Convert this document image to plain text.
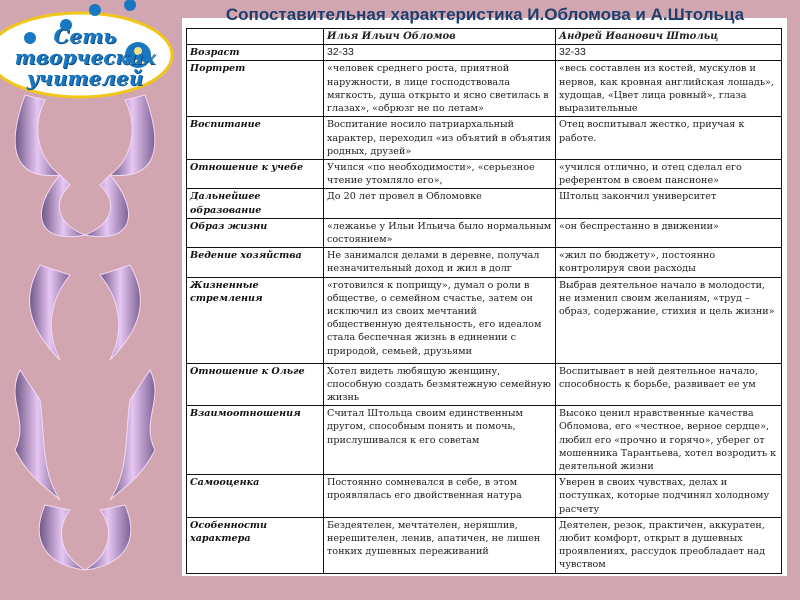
Сеть
творческих
учителей
Сопоставительная характеристика И.Обломова и А.Штольца
	Илья Ильич Обломов	Андрей Иванович Штольц
Возраст	32-33	32-33
Портрет	«человек среднего роста, приятной наружности, в лице господствовала мягкость, душа открыто и ясно светилась в глазах», «обрюзг не по летам»	«весь составлен из костей, мускулов и нервов, как кровная английская лошадь», худощав, «Цвет лица ровный», глаза выразительные
Воспитание	Воспитание носило патриархальный характер, переходил «из объятий в объятия родных, друзей»	Отец воспитывал жестко, приучая к работе.
Отношение к учебе	Учился «по необходимости», «серьезное чтение утомляло его»,	«учился отлично, и отец сделал его референтом в своем пансионе»
Дальнейшее образование	До 20 лет провел в Обломовке	Штольц закончил университет
Образ жизни	«лежанье у Ильи Ильича было нормальным состоянием»	«он беспрестанно в движении»
Ведение хозяйства	Не занимался делами в деревне, получал незначительный доход и жил в долг	«жил по бюджету», постоянно контролируя свои расходы
Жизненные стремления	«готовился к поприщу», думал о роли в обществе, о семейном счастье, затем он исключил из своих мечтаний общественную деятельность, его идеалом стала беспечная жизнь в единении с природой, семьей, друзьями	Выбрав деятельное начало в молодости, не изменил своим желаниям, «труд – образ, содержание, стихия и цель жизни»
Отношение к Ольге	Хотел видеть любящую женщину, способную создать безмятежную семейную жизнь	Воспитывает в ней деятельное начало, способность к борьбе, развивает ее ум
Взаимоотношения	Считал Штольца своим единственным другом, способным понять и помочь, прислушивался к его советам	Высоко ценил нравственные качества Обломова, его «честное, верное сердце», любил его «прочно и горячо», уберег от мошенника Тарантьева, хотел возродить к деятельной жизни
Самооценка	Постоянно сомневался в себе, в этом проявлялась его двойственная натура	Уверен в своих чувствах, делах и поступках, которые подчинял холодному расчету
Особенности характера	Бездеятелен, мечтателен, неряшлив, нерешителен, ленив, апатичен, не лишен тонких душевных переживаний	Деятелен, резок, практичен, аккуратен, любит комфорт, открыт в душевных проявлениях, рассудок преобладает над чувством
